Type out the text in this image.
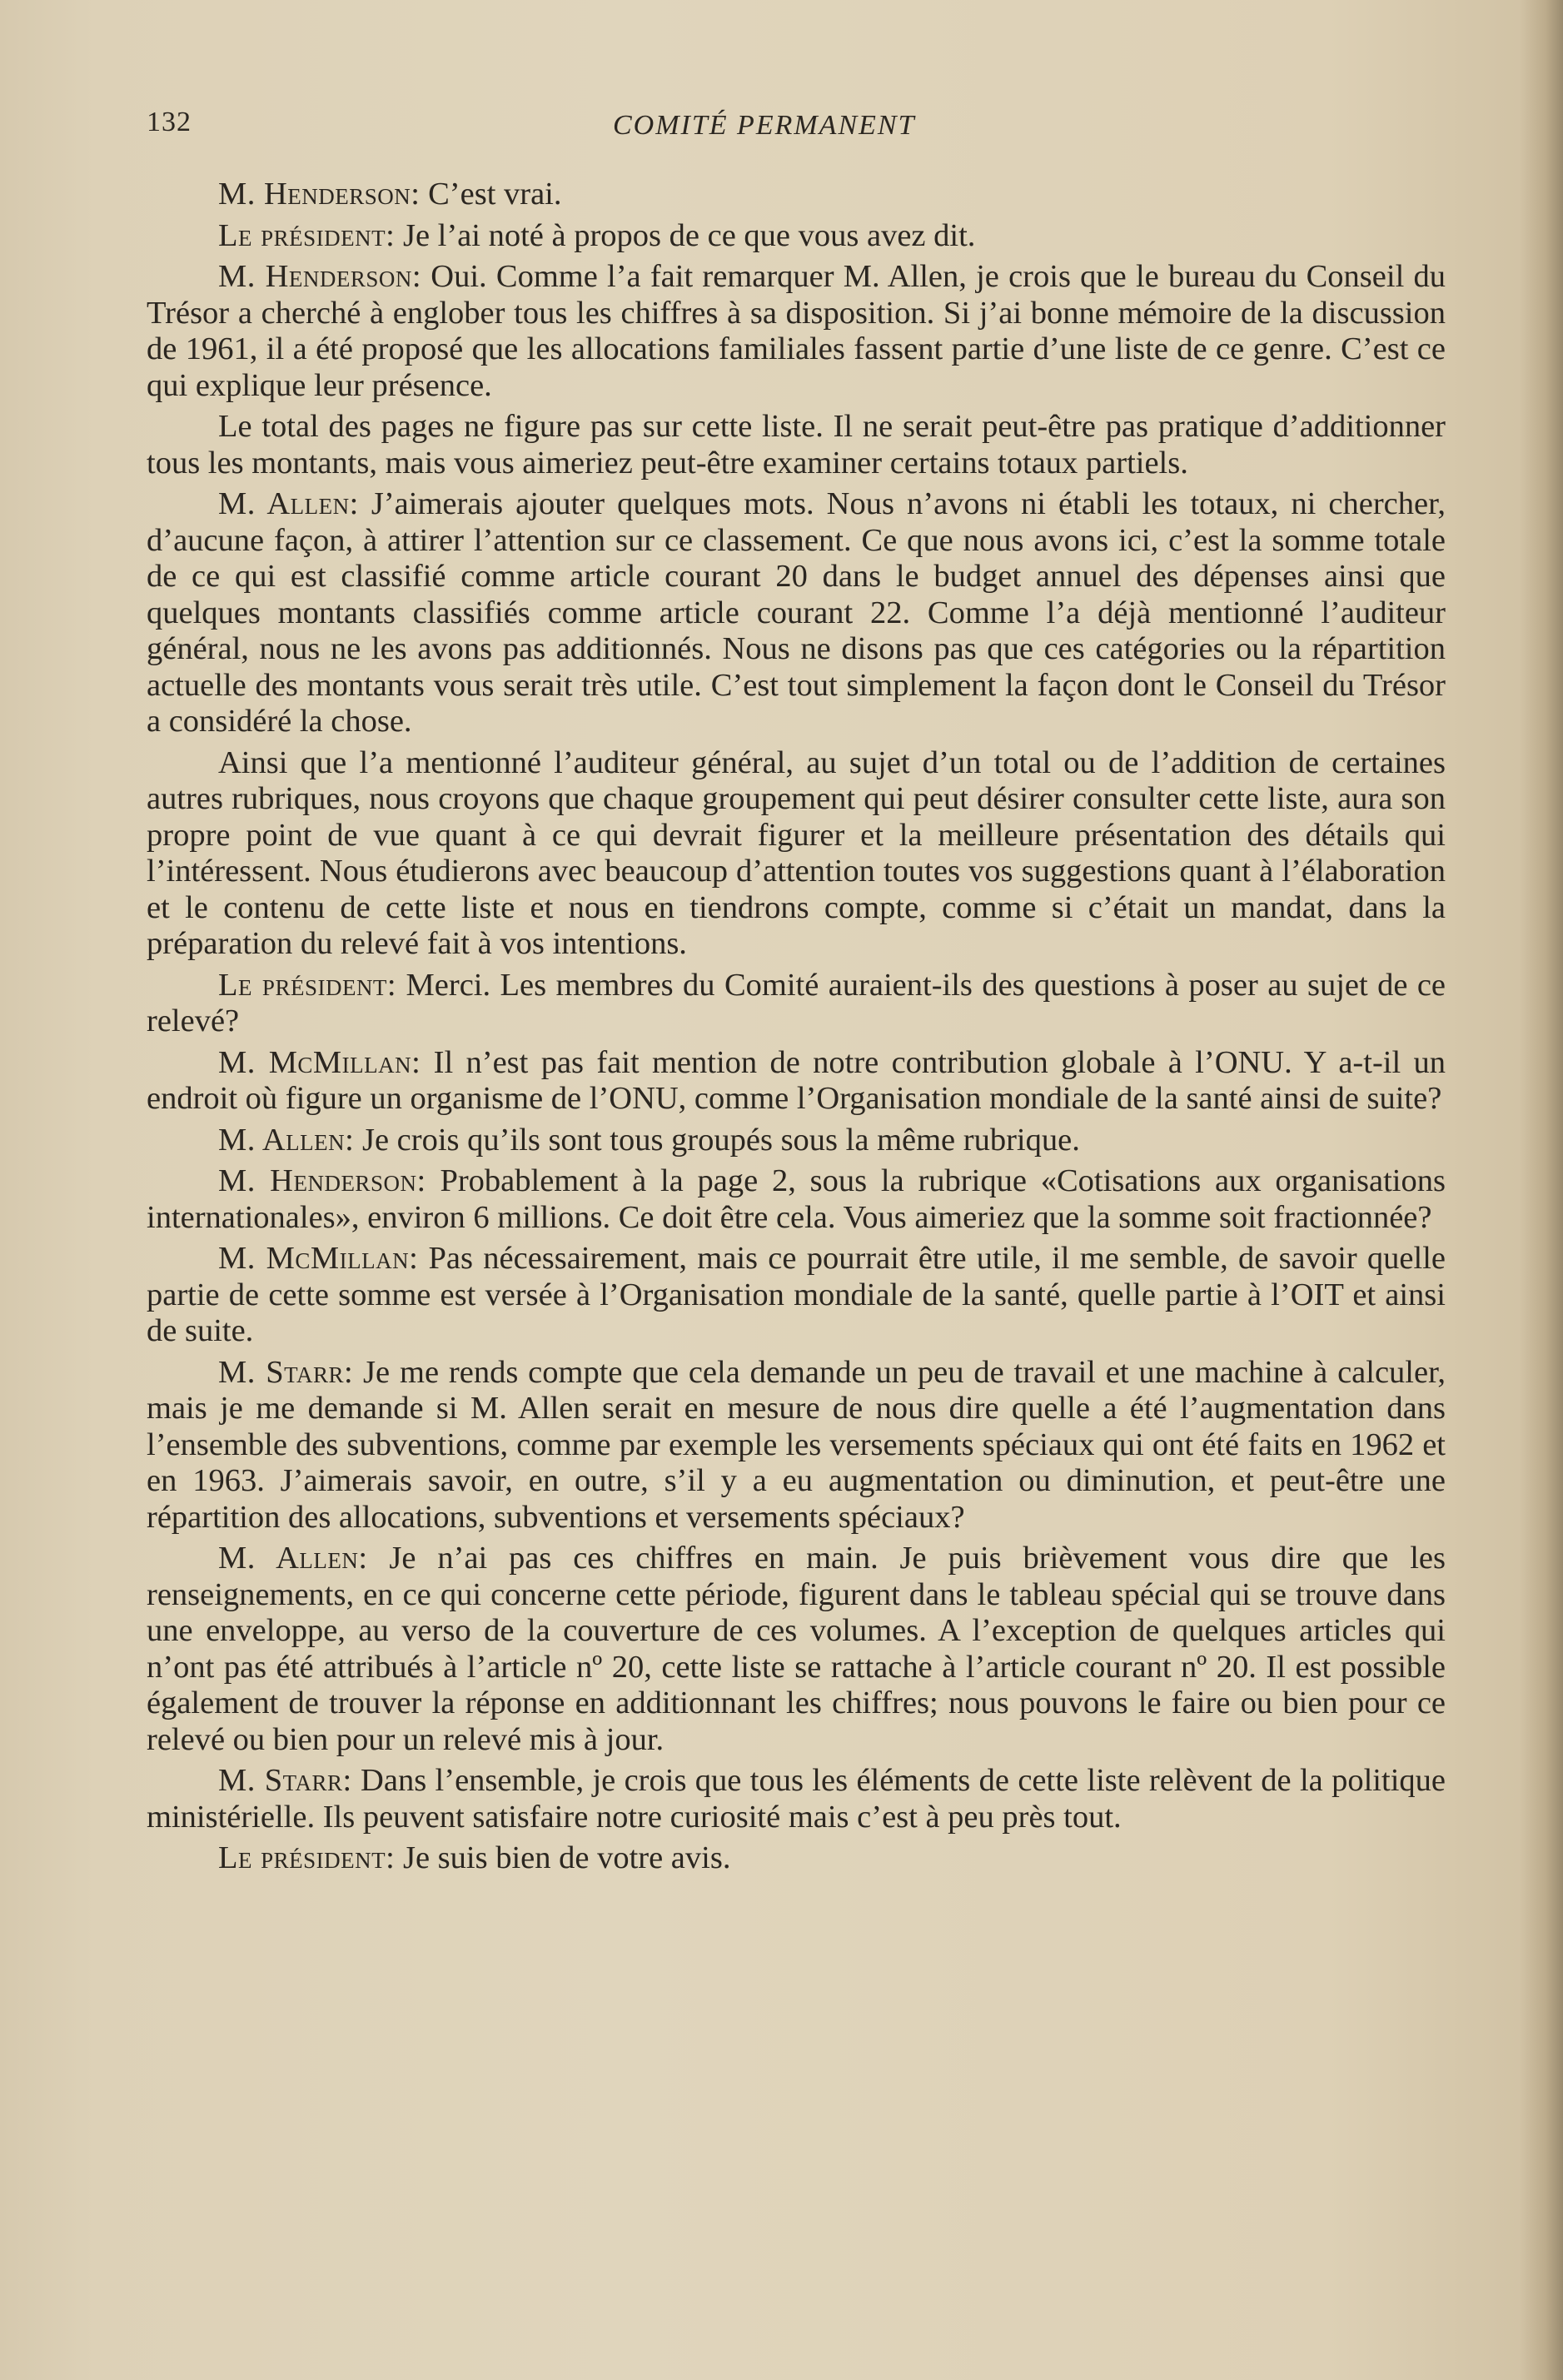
132	COMITÉ PERMANENT

M. Henderson: C’est vrai.

Le président: Je l’ai noté à propos de ce que vous avez dit.

M. Henderson: Oui. Comme l’a fait remarquer M. Allen, je crois que le bureau du Conseil du Trésor a cherché à englober tous les chiffres à sa disposition. Si j’ai bonne mémoire de la discussion de 1961, il a été proposé que les allocations familiales fassent partie d’une liste de ce genre. C’est ce qui explique leur présence.

Le total des pages ne figure pas sur cette liste. Il ne serait peut-être pas pratique d’additionner tous les montants, mais vous aimeriez peut-être examiner certains totaux partiels.

M. Allen: J’aimerais ajouter quelques mots. Nous n’avons ni établi les totaux, ni chercher, d’aucune façon, à attirer l’attention sur ce classement. Ce que nous avons ici, c’est la somme totale de ce qui est classifié comme article courant 20 dans le budget annuel des dépenses ainsi que quelques montants classifiés comme article courant 22. Comme l’a déjà mentionné l’auditeur général, nous ne les avons pas additionnés. Nous ne disons pas que ces catégories ou la répartition actuelle des montants vous serait très utile. C’est tout simplement la façon dont le Conseil du Trésor a considéré la chose.

Ainsi que l’a mentionné l’auditeur général, au sujet d’un total ou de l’addition de certaines autres rubriques, nous croyons que chaque groupement qui peut désirer consulter cette liste, aura son propre point de vue quant à ce qui devrait figurer et la meilleure présentation des détails qui l’intéressent. Nous étudierons avec beaucoup d’attention toutes vos suggestions quant à l’élaboration et le contenu de cette liste et nous en tiendrons compte, comme si c’était un mandat, dans la préparation du relevé fait à vos intentions.

Le président: Merci. Les membres du Comité auraient-ils des questions à poser au sujet de ce relevé?

M. McMillan: Il n’est pas fait mention de notre contribution globale à l’ONU. Y a-t-il un endroit où figure un organisme de l’ONU, comme l’Organisation mondiale de la santé ainsi de suite?

M. Allen: Je crois qu’ils sont tous groupés sous la même rubrique.

M. Henderson: Probablement à la page 2, sous la rubrique «Cotisations aux organisations internationales», environ 6 millions. Ce doit être cela. Vous aimeriez que la somme soit fractionnée?

M. McMillan: Pas nécessairement, mais ce pourrait être utile, il me semble, de savoir quelle partie de cette somme est versée à l’Organisation mondiale de la santé, quelle partie à l’OIT et ainsi de suite.

M. Starr: Je me rends compte que cela demande un peu de travail et une machine à calculer, mais je me demande si M. Allen serait en mesure de nous dire quelle a été l’augmentation dans l’ensemble des subventions, comme par exemple les versements spéciaux qui ont été faits en 1962 et en 1963. J’aimerais savoir, en outre, s’il y a eu augmentation ou diminution, et peut-être une répartition des allocations, subventions et versements spéciaux?

M. Allen: Je n’ai pas ces chiffres en main. Je puis brièvement vous dire que les renseignements, en ce qui concerne cette période, figurent dans le tableau spécial qui se trouve dans une enveloppe, au verso de la couverture de ces volumes. A l’exception de quelques articles qui n’ont pas été attribués à l’article nº 20, cette liste se rattache à l’article courant nº 20. Il est possible également de trouver la réponse en additionnant les chiffres; nous pouvons le faire ou bien pour ce relevé ou bien pour un relevé mis à jour.

M. Starr: Dans l’ensemble, je crois que tous les éléments de cette liste relèvent de la politique ministérielle. Ils peuvent satisfaire notre curiosité mais c’est à peu près tout.

Le président: Je suis bien de votre avis.
